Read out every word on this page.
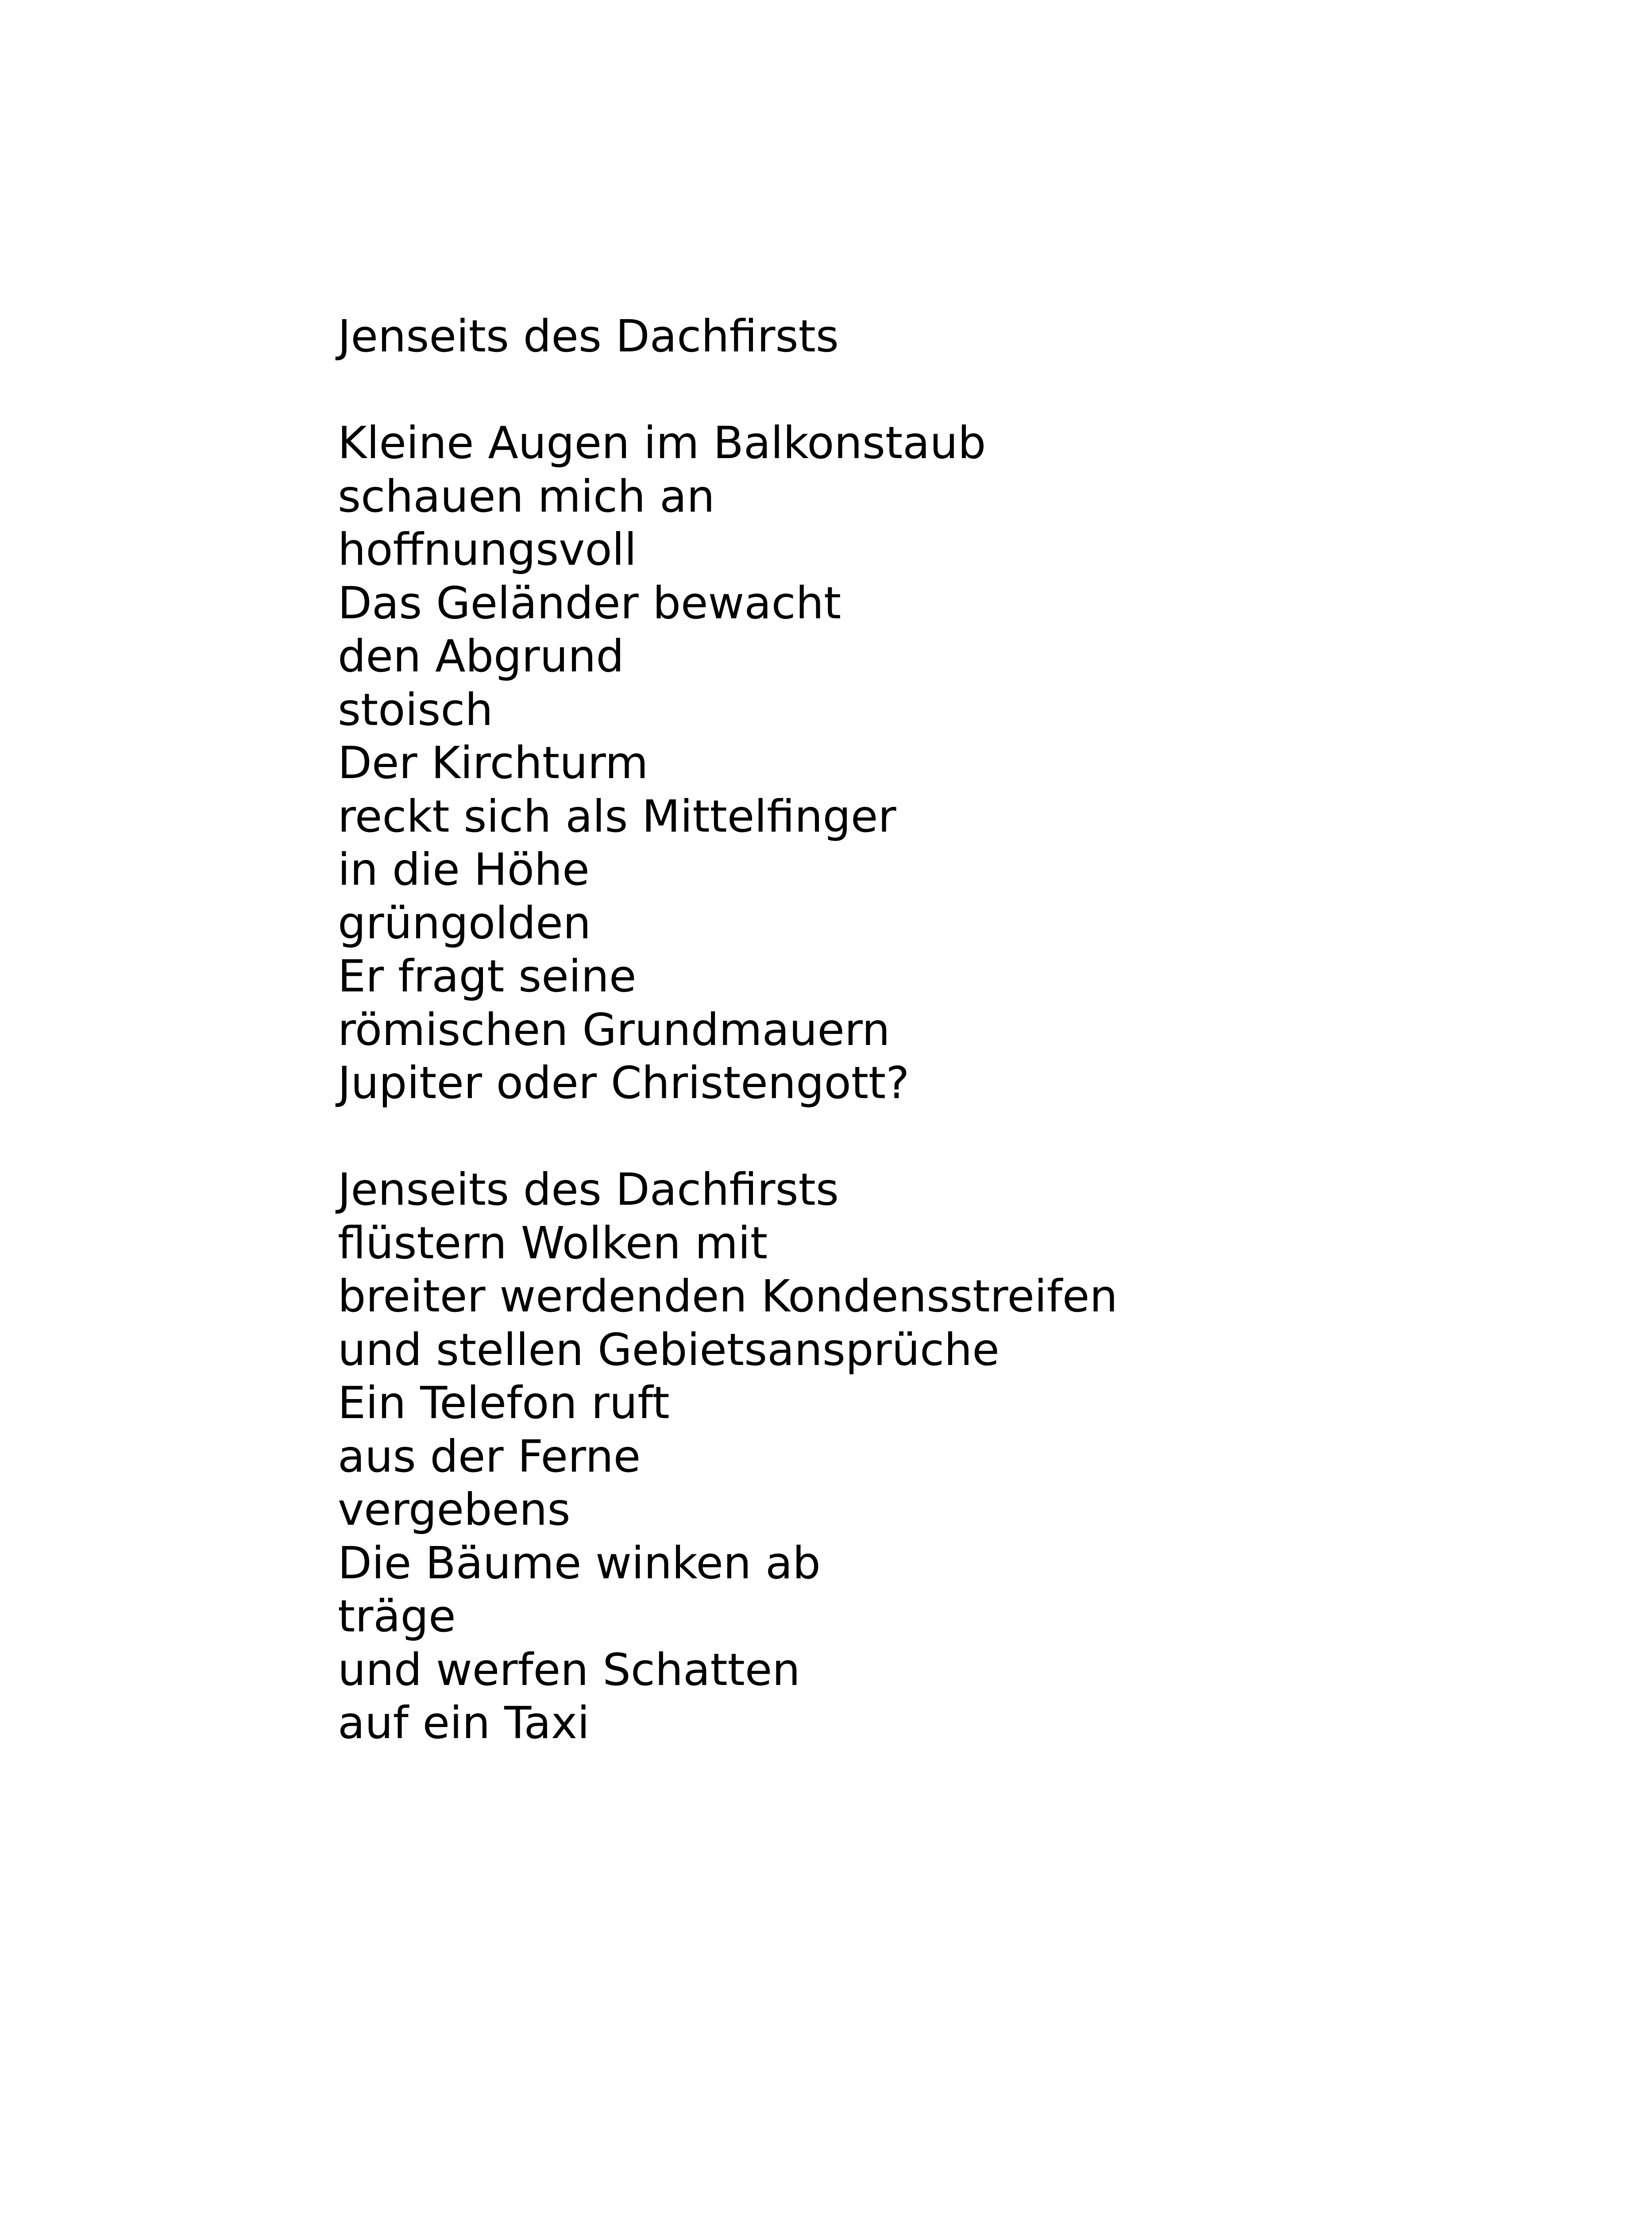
Jenseits des Dachfirsts
Kleine Augen im Balkonstaub
schauen mich an
hoffnungsvoll
Das Geländer bewacht
den Abgrund
stoisch
Der Kirchturm
reckt sich als Mittelfinger
in die Höhe
grüngolden
Er fragt seine
römischen Grundmauern
Jupiter oder Christengott?
Jenseits des Dachfirsts
flüstern Wolken mit
breiter werdenden Kondensstreifen
und stellen Gebietsansprüche
Ein Telefon ruft
aus der Ferne
vergebens
Die Bäume winken ab
träge
und werfen Schatten
auf ein Taxi
